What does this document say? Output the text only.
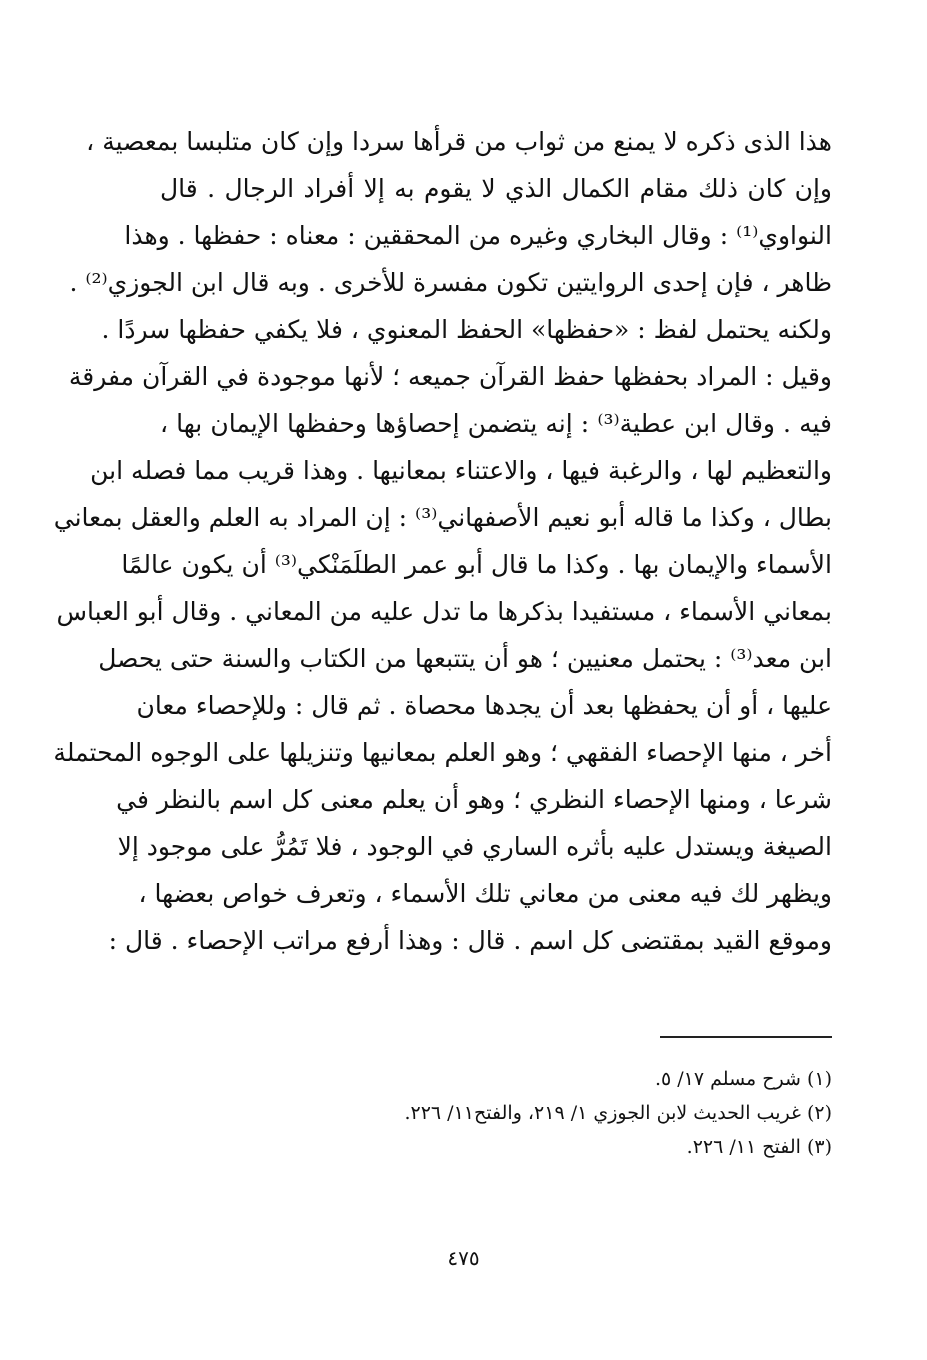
هذا الذى ذكره لا يمنع من ثواب من قرأها سردا وإن كان متلبسا بمعصية ،
وإن كان ذلك مقام الكمال الذي لا يقوم به إلا أفراد الرجال . قال
النواوي⁽¹⁾ : وقال البخاري وغيره من المحققين : معناه : حفظها . وهذا
ظاهر ، فإن إحدى الروايتين تكون مفسرة للأخرى . وبه قال ابن الجوزي⁽²⁾ .
ولكنه يحتمل لفظ : «حفظها» الحفظ المعنوي ، فلا يكفي حفظها سردًا .
وقيل : المراد بحفظها حفظ القرآن جميعه ؛ لأنها موجودة في القرآن مفرقة
فيه . وقال ابن عطية⁽³⁾ : إنه يتضمن إحصاؤها وحفظها الإيمان بها ،
والتعظيم لها ، والرغبة فيها ، والاعتناء بمعانيها . وهذا قريب مما فصله ابن
بطال ، وكذا ما قاله أبو نعيم الأصفهاني⁽³⁾ : إن المراد به العلم والعقل بمعاني
الأسماء والإيمان بها . وكذا ما قال أبو عمر الطلَمَنْكي⁽³⁾ أن يكون عالمًا
بمعاني الأسماء ، مستفيدا بذكرها ما تدل عليه من المعاني . وقال أبو العباس
ابن معد⁽³⁾ : يحتمل معنيين ؛ هو أن يتتبعها من الكتاب والسنة حتى يحصل
عليها ، أو أن يحفظها بعد أن يجدها محصاة . ثم قال : وللإحصاء معان
أخر ، منها الإحصاء الفقهي ؛ وهو العلم بمعانيها وتنزيلها على الوجوه المحتملة
شرعا ، ومنها الإحصاء النظري ؛ وهو أن يعلم معنى كل اسم بالنظر في
الصيغة ويستدل عليه بأثره الساري في الوجود ، فلا تَمُرُّ على موجود إلا
ويظهر لك فيه معنى من معاني تلك الأسماء ، وتعرف خواص بعضها ،
وموقع القيد بمقتضى كل اسم . قال : وهذا أرفع مراتب الإحصاء . قال :
(١) شرح مسلم ١٧/ ٥.
(٢) غريب الحديث لابن الجوزي ١/ ٢١٩، والفتح١١/ ٢٢٦.
(٣) الفتح ١١/ ٢٢٦.
٤٧٥
